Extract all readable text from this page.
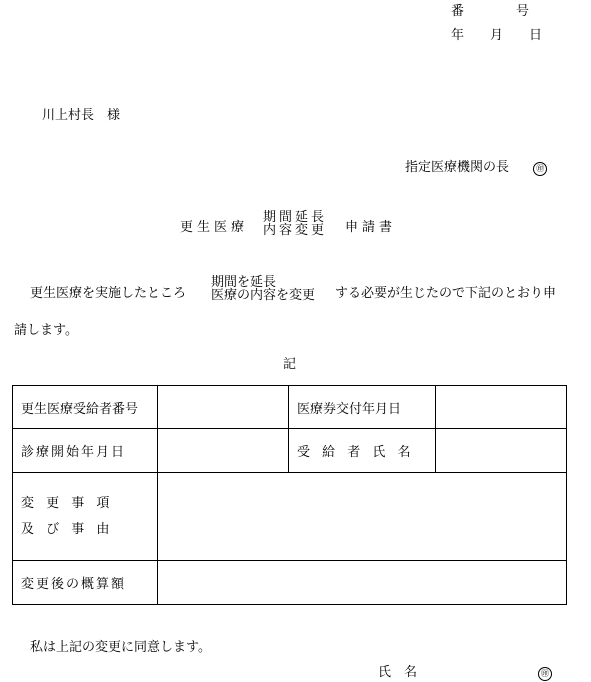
番　　　　号
年　　月　　日
川上村長　様
指定医療機関の長	㊞
更生医療
期間延長
内容変更 申請書
更生医療を実施したところ
期間を延長
医療の内容を変更 する必要が生じたので下記のとおり申
請します。
記
更生医療受給者番号		医療券交付年月日	
診療開始年月日		受 給 者 氏 名	

変 更 事 項
及 び 事 由			

変更後の概算額			
私は上記の変更に同意します。
氏　名	㊞
